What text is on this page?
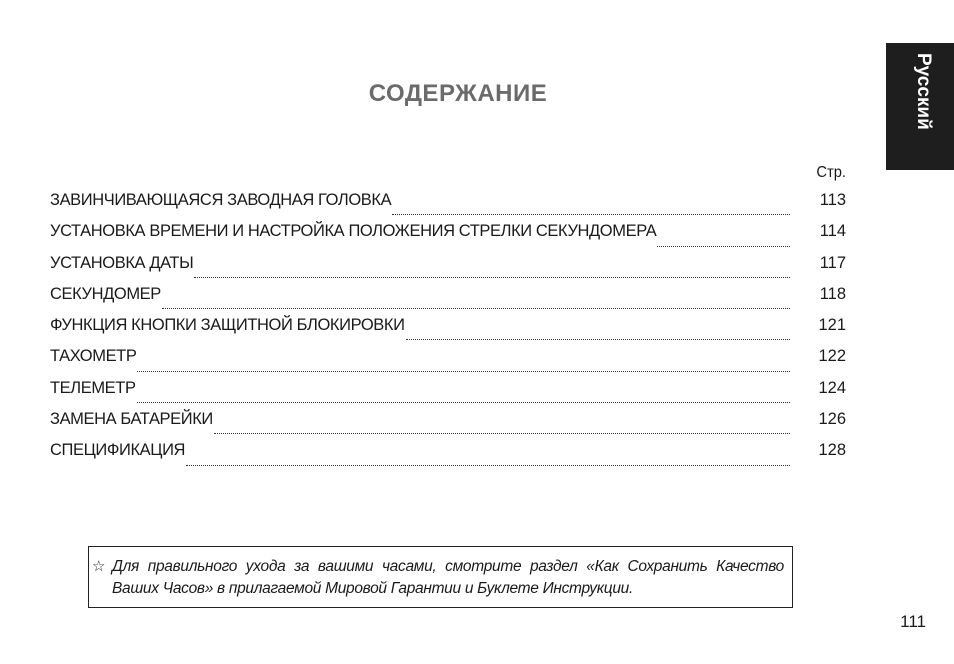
Русский
СОДЕРЖАНИЕ
Стр.
ЗАВИНЧИВАЮЩАЯСЯ ЗАВОДНАЯ ГОЛОВКА	113
УСТАНОВКА ВРЕМЕНИ И НАСТРОЙКА ПОЛОЖЕНИЯ СТРЕЛКИ СЕКУНДОМЕРА	114
УСТАНОВКА ДАТЫ	117
СЕКУНДОМЕР	118
ФУНКЦИЯ КНОПКИ ЗАЩИТНОЙ БЛОКИРОВКИ	121
ТАХОМЕТР	122
ТЕЛЕМЕТР	124
ЗАМЕНА БАТАРЕЙКИ	126
СПЕЦИФИКАЦИЯ	128
☆ Для правильного ухода за вашими часами, смотрите раздел «Как Сохранить Качество Ваших Часов» в прилагаемой Мировой Гарантии и Буклете Инструкции.
111
